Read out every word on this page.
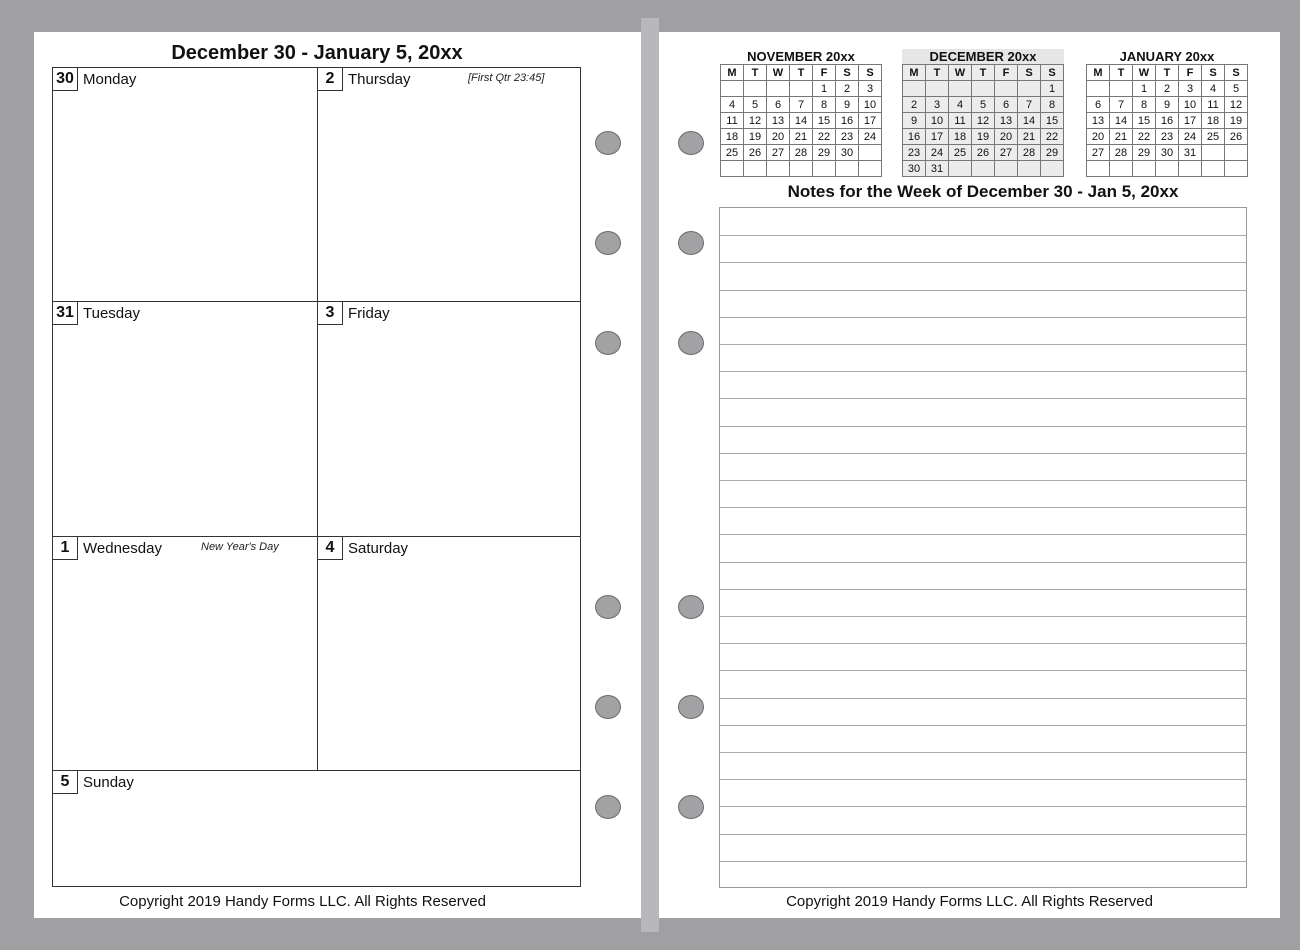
December 30 - January 5, 20xx
30 Monday	2 Thursday	[First Qtr 23:45]
31 Tuesday	3 Friday
1 Wednesday	New Year's Day	4 Saturday
5 Sunday
Copyright 2019 Handy Forms LLC. All Rights Reserved
NOVEMBER 20xx
M	T	W	T	F	S	S
				1	2	3
4	5	6	7	8	9	10
11	12	13	14	15	16	17
18	19	20	21	22	23	24
25	26	27	28	29	30	

DECEMBER 20xx
M	T	W	T	F	S	S
						1
2	3	4	5	6	7	8
9	10	11	12	13	14	15
16	17	18	19	20	21	22
23	24	25	26	27	28	29
30	31					
JANUARY 20xx
M	T	W	T	F	S	S
		1	2	3	4	5
6	7	8	9	10	11	12
13	14	15	16	17	18	19
20	21	22	23	24	25	26
27	28	29	30	31		

Notes for the Week of December 30 - Jan 5, 20xx
Copyright 2019 Handy Forms LLC. All Rights Reserved
